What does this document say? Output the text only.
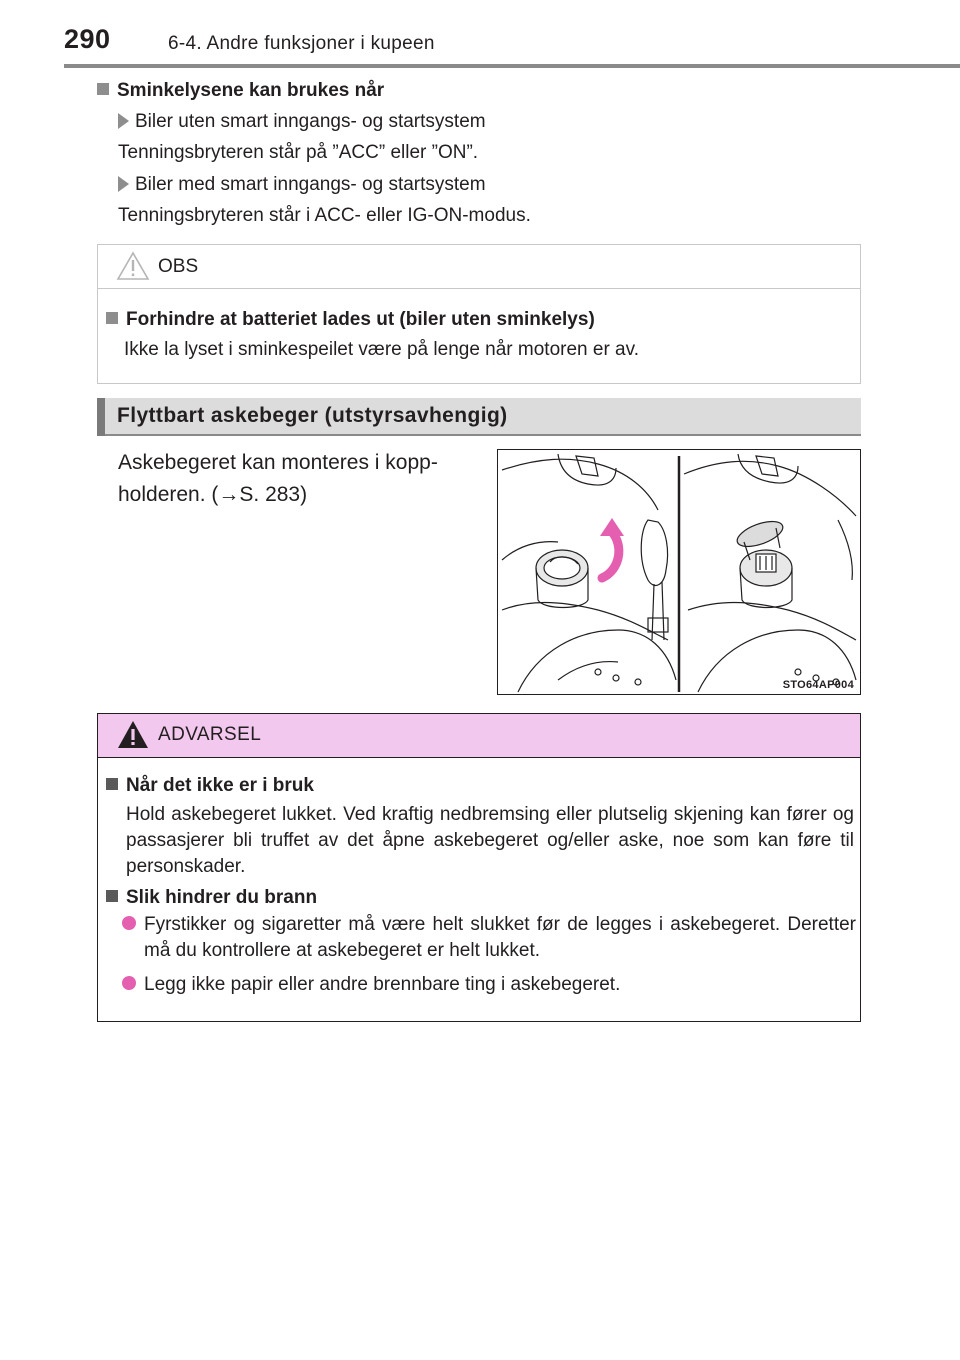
290	6-4. Andre funksjoner i kupeen
Sminkelysene kan brukes når
Biler uten smart inngangs- og startsystem
Tenningsbryteren står på ”ACC” eller ”ON”.
Biler med smart inngangs- og startsystem
Tenningsbryteren står i ACC- eller IG-ON-modus.
OBS
Forhindre at batteriet lades ut (biler uten sminkelys)
Ikke la lyset i sminkespeilet være på lenge når motoren er av.
Flyttbart askebeger (utstyrsavhengig)
Askebegeret kan monteres i kopp-
holderen. (→S. 283)
STO64AP004
ADVARSEL
Når det ikke er i bruk
Hold askebegeret lukket. Ved kraftig nedbremsing eller plutselig skjening kan fører og passasjerer bli truffet av det åpne askebegeret og/eller aske, noe som kan føre til personskader.
Slik hindrer du brann
Fyrstikker og sigaretter må være helt slukket før de legges i askebegeret. Deretter må du kontrollere at askebegeret er helt lukket.
Legg ikke papir eller andre brennbare ting i askebegeret.
